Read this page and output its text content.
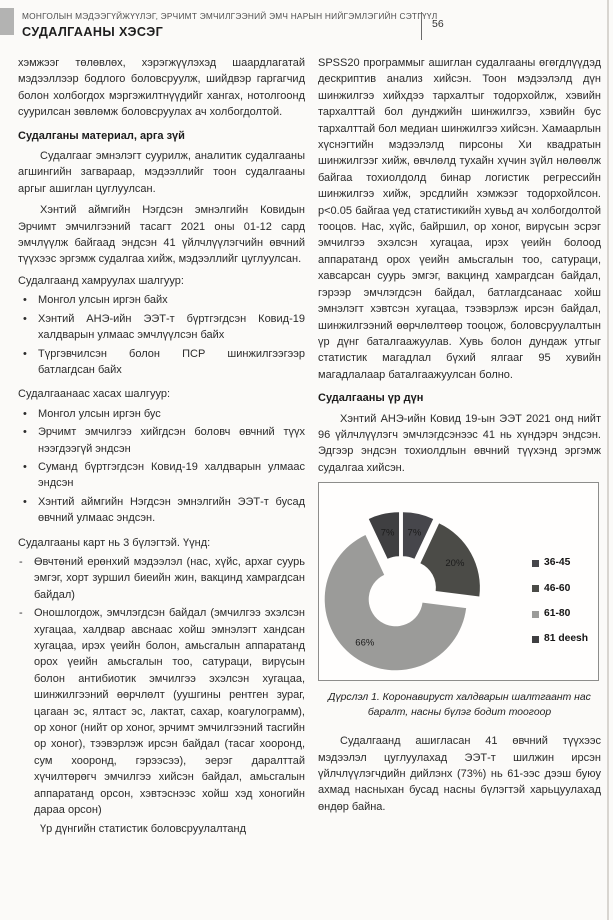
МОНГОЛЫН МЭДЭЭГҮЙЖҮҮЛЭГ, ЭРЧИМТ ЭМЧИЛГЭЭНИЙ ЭМЧ НАРЫН НИЙГЭМЛЭГИЙН СЭТГҮҮЛ
СУДАЛГААНЫ ХЭСЭГ
56

хэмжээг төлөвлөх, хэрэгжүүлэхэд шаардлагатай мэдээллээр бодлого боловсруулж, шийдвэр гаргагчид болон холбогдох мэргэжилтнүүдийг хангах, нотолгоонд суурилсан зөвлөмж боловсруулах ач холбогдолтой.

Судалганы материал, арга зүй

Судалгааг эмнэлэгт суурилж, аналитик судалгааны агшингийн загвараар, мэдээллийг тоон судалгааны аргыг ашиглан цуглуулсан.

Хэнтий аймгийн Нэгдсэн эмнэлгийн Ковидын Эрчимт эмчилгээний тасагт 2021 оны 01-12 сард эмчлүүлж байгаад эндсэн 41 үйлчлүүлэгчийн өвчний түүхээс эргэмж судалгаа хийж, мэдээллийг цуглуулсан.

Судалгаанд хамруулах шалгуур:

•	Монгол улсын иргэн байх
•	Хэнтий АНЭ-ийн ЭЭТ-т бүртгэгдсэн Ковид-19 халдварын улмаас эмчлүүлсэн байх
•	Түргэвчилсэн болон ПСР шинжилгээгээр батлагдсан байх

Судалгаанаас хасах шалгуур:

•	Монгол улсын иргэн бус
•	Эрчимт эмчилгээ хийгдсэн боловч өвчний түүх нээгдээгүй эндсэн
•	Суманд бүртгэгдсэн Ковид-19 халдварын улмаас эндсэн
•	Хэнтий аймгийн Нэгдсэн эмнэлгийн ЭЭТ-т бусад өвчний улмаас эндсэн.

Судалгааны карт нь 3 бүлэгтэй. Үүнд:

-	Өвчтөний ерөнхий мэдээлэл (нас, хүйс, архаг суурь эмгэг, хорт зуршил биеийн жин, вакцинд хамрагдсан байдал)
-	Оношлогдож, эмчлэгдсэн байдал (эмчилгээ эхэлсэн хугацаа, халдвар авснаас хойш эмнэлэгт хандсан хугацаа, ирэх үеийн болон, амьсгалын аппаратанд орох үеийн амьсгалын тоо, сатураци, вирүсын болон антибиотик эмчилгээ эхэлсэн хугацаа, шинжилгээний өөрчлөлт (уушгины рентген зураг, цагаан эс, ялтаст эс, лактат, сахар, коагулограмм), ор хоног (нийт ор хоног, эрчимт эмчилгээний тасгийн ор хоног), тээвэрлэж ирсэн байдал (тасаг хооронд, сум хооронд, гэрээсээ), эерэг даралттай хүчилтөрөгч эмчилгээ хийсэн байдал, амьсгалын аппаратанд орсон, хэвтэснээс хойш хэд хоногийн дараа орсон)

Үр дүнгийн статистик боловсруулалтанд

SPSS20 программыг ашиглан судалгааны өгөгдлүүдэд дескриптив анализ хийсэн. Тоон мэдээлэлд дүн шинжилгээ хийхдээ тархалтыг тодорхойлж, хэвийн тархалттай бол дунджийн шинжилгээ, хэвийн бус тархалттай бол медиан шинжилгээ хийсэн. Хамаарлын хүснэгтийн мэдээлэлд пирсоны Хи квадратын шинжилгээг хийж, өвчлөлд тухайн хүчин зүйл нөлөөлж байгаа тохиолдолд бинар логистик регрессийн шинжилгээ хийж, эрсдлийн хэмжээг тодорхойлсон. p<0.05 байгаа үед статистикийн хувьд ач холбогдолтой тооцов. Нас, хүйс, байршил, ор хоног, вирүсын эсрэг эмчилгээ эхэлсэн хугацаа, ирэх үеийн болоод аппаратанд орох үеийн амьсгалын тоо, сатураци, хавсарсан суурь эмгэг, вакцинд хамрагдсан байдал, гэрээр эмчлэгдсэн байдал, батлагдсанаас хойш эмнэлэгт хэвтсэн хугацаа, тээвэрлэж ирсэн байдал, шинжилгээний өөрчлөлтөөр тооцож, боловсруулалтын үр дүнг баталгаажуулав. Хувь болон дундаж утгыг статистик магадлал бүхий ялгааг 95 хувийн магадлалаар баталгаажуулсан болно.

Судалгааны үр дүн

Хэнтий АНЭ-ийн Ковид 19-ын ЭЭТ 2021 онд нийт 96 үйлчлүүлэгч эмчлэгдсэнээс 41 нь хүндэрч эндсэн. Эдгээр эндсэн тохиолдлын өвчний түүхэнд эргэмж судалгаа хийсэн.

7%
20%
66%
7%
36-45
46-60
61-80
81 deesh
Дүрслэл 1. Коронавируст халдварын шалтгаант нас баралт, насны бүлэг бодит тоогоор

Судалгаанд ашигласан 41 өвчний түүхээс мэдээлэл цуглуулахад ЭЭТ-т шилжин ирсэн үйлчлүүлэгчдийн дийлэнх (73%) нь 61-ээс дээш буюу ахмад насныхан бусад насны бүлэгтэй харьцуулахад өндөр байна.
